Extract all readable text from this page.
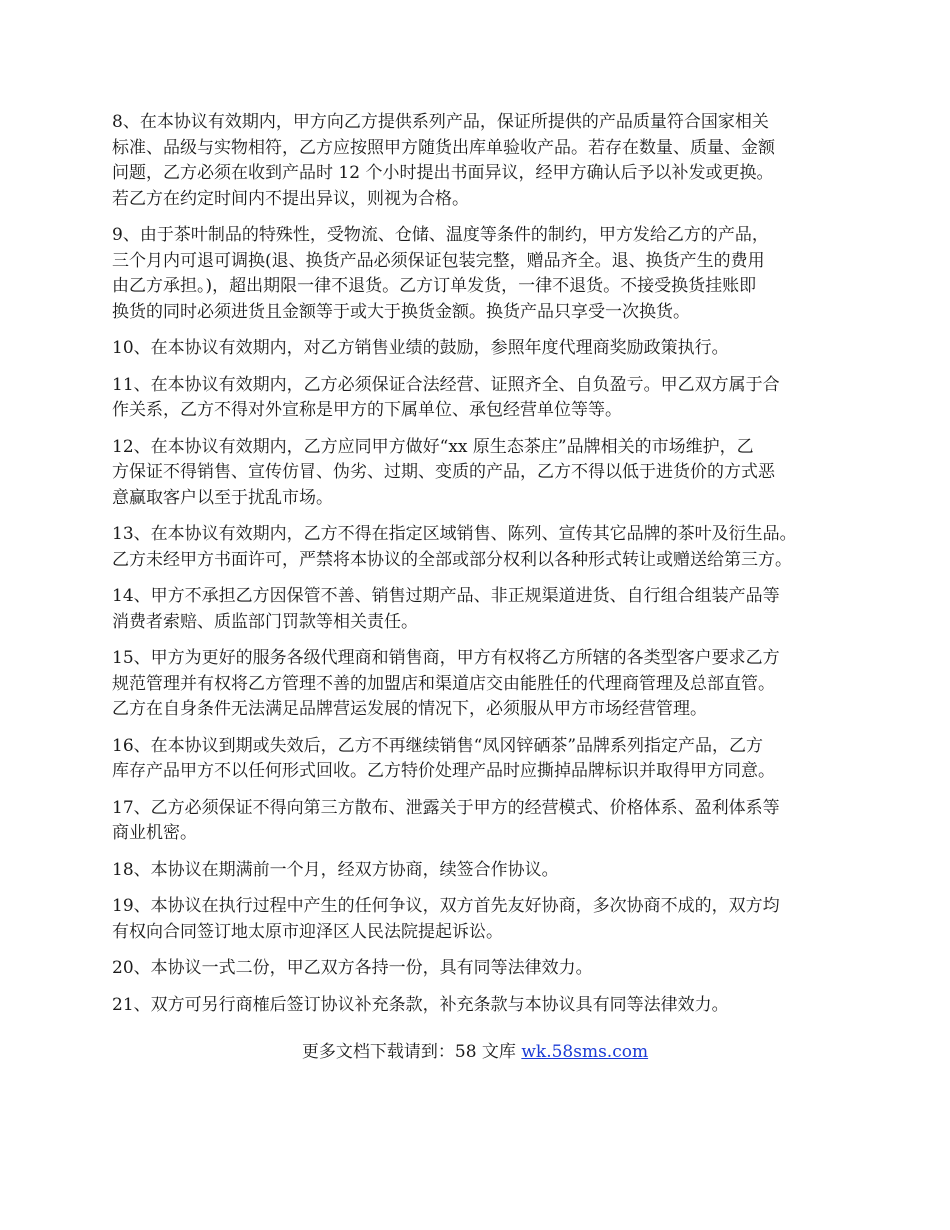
8、在本协议有效期内，甲方向乙方提供系列产品，保证所提供的产品质量符合国家相关
标准、品级与实物相符，乙方应按照甲方随货出库单验收产品。若存在数量、质量、金额
问题，乙方必须在收到产品时 12 个小时提出书面异议，经甲方确认后予以补发或更换。
若乙方在约定时间内不提出异议，则视为合格。

9、由于茶叶制品的特殊性，受物流、仓储、温度等条件的制约，甲方发给乙方的产品，
三个月内可退可调换(退、换货产品必须保证包装完整，赠品齐全。退、换货产生的费用
由乙方承担。)，超出期限一律不退货。乙方订单发货，一律不退货。不接受换货挂账即
换货的同时必须进货且金额等于或大于换货金额。换货产品只享受一次换货。

10、在本协议有效期内，对乙方销售业绩的鼓励，参照年度代理商奖励政策执行。

11、在本协议有效期内，乙方必须保证合法经营、证照齐全、自负盈亏。甲乙双方属于合
作关系，乙方不得对外宣称是甲方的下属单位、承包经营单位等等。

12、在本协议有效期内，乙方应同甲方做好“xx 原生态茶庄”品牌相关的市场维护，乙
方保证不得销售、宣传仿冒、伪劣、过期、变质的产品，乙方不得以低于进货价的方式恶
意赢取客户以至于扰乱市场。

13、在本协议有效期内，乙方不得在指定区域销售、陈列、宣传其它品牌的茶叶及衍生品。
乙方未经甲方书面许可，严禁将本协议的全部或部分权利以各种形式转让或赠送给第三方。

14、甲方不承担乙方因保管不善、销售过期产品、非正规渠道进货、自行组合组装产品等
消费者索赔、质监部门罚款等相关责任。

15、甲方为更好的服务各级代理商和销售商，甲方有权将乙方所辖的各类型客户要求乙方
规范管理并有权将乙方管理不善的加盟店和渠道店交由能胜任的代理商管理及总部直管。
乙方在自身条件无法满足品牌营运发展的情况下，必须服从甲方市场经营管理。

16、在本协议到期或失效后，乙方不再继续销售“凤冈锌硒茶”品牌系列指定产品，乙方
库存产品甲方不以任何形式回收。乙方特价处理产品时应撕掉品牌标识并取得甲方同意。

17、乙方必须保证不得向第三方散布、泄露关于甲方的经营模式、价格体系、盈利体系等
商业机密。

18、本协议在期满前一个月，经双方协商，续签合作协议。

19、本协议在执行过程中产生的任何争议，双方首先友好协商，多次协商不成的，双方均
有权向合同签订地太原市迎泽区人民法院提起诉讼。

20、本协议一式二份，甲乙双方各持一份，具有同等法律效力。

21、双方可另行商榷后签订协议补充条款，补充条款与本协议具有同等法律效力。

更多文档下载请到：58 文库 wk.58sms.com
